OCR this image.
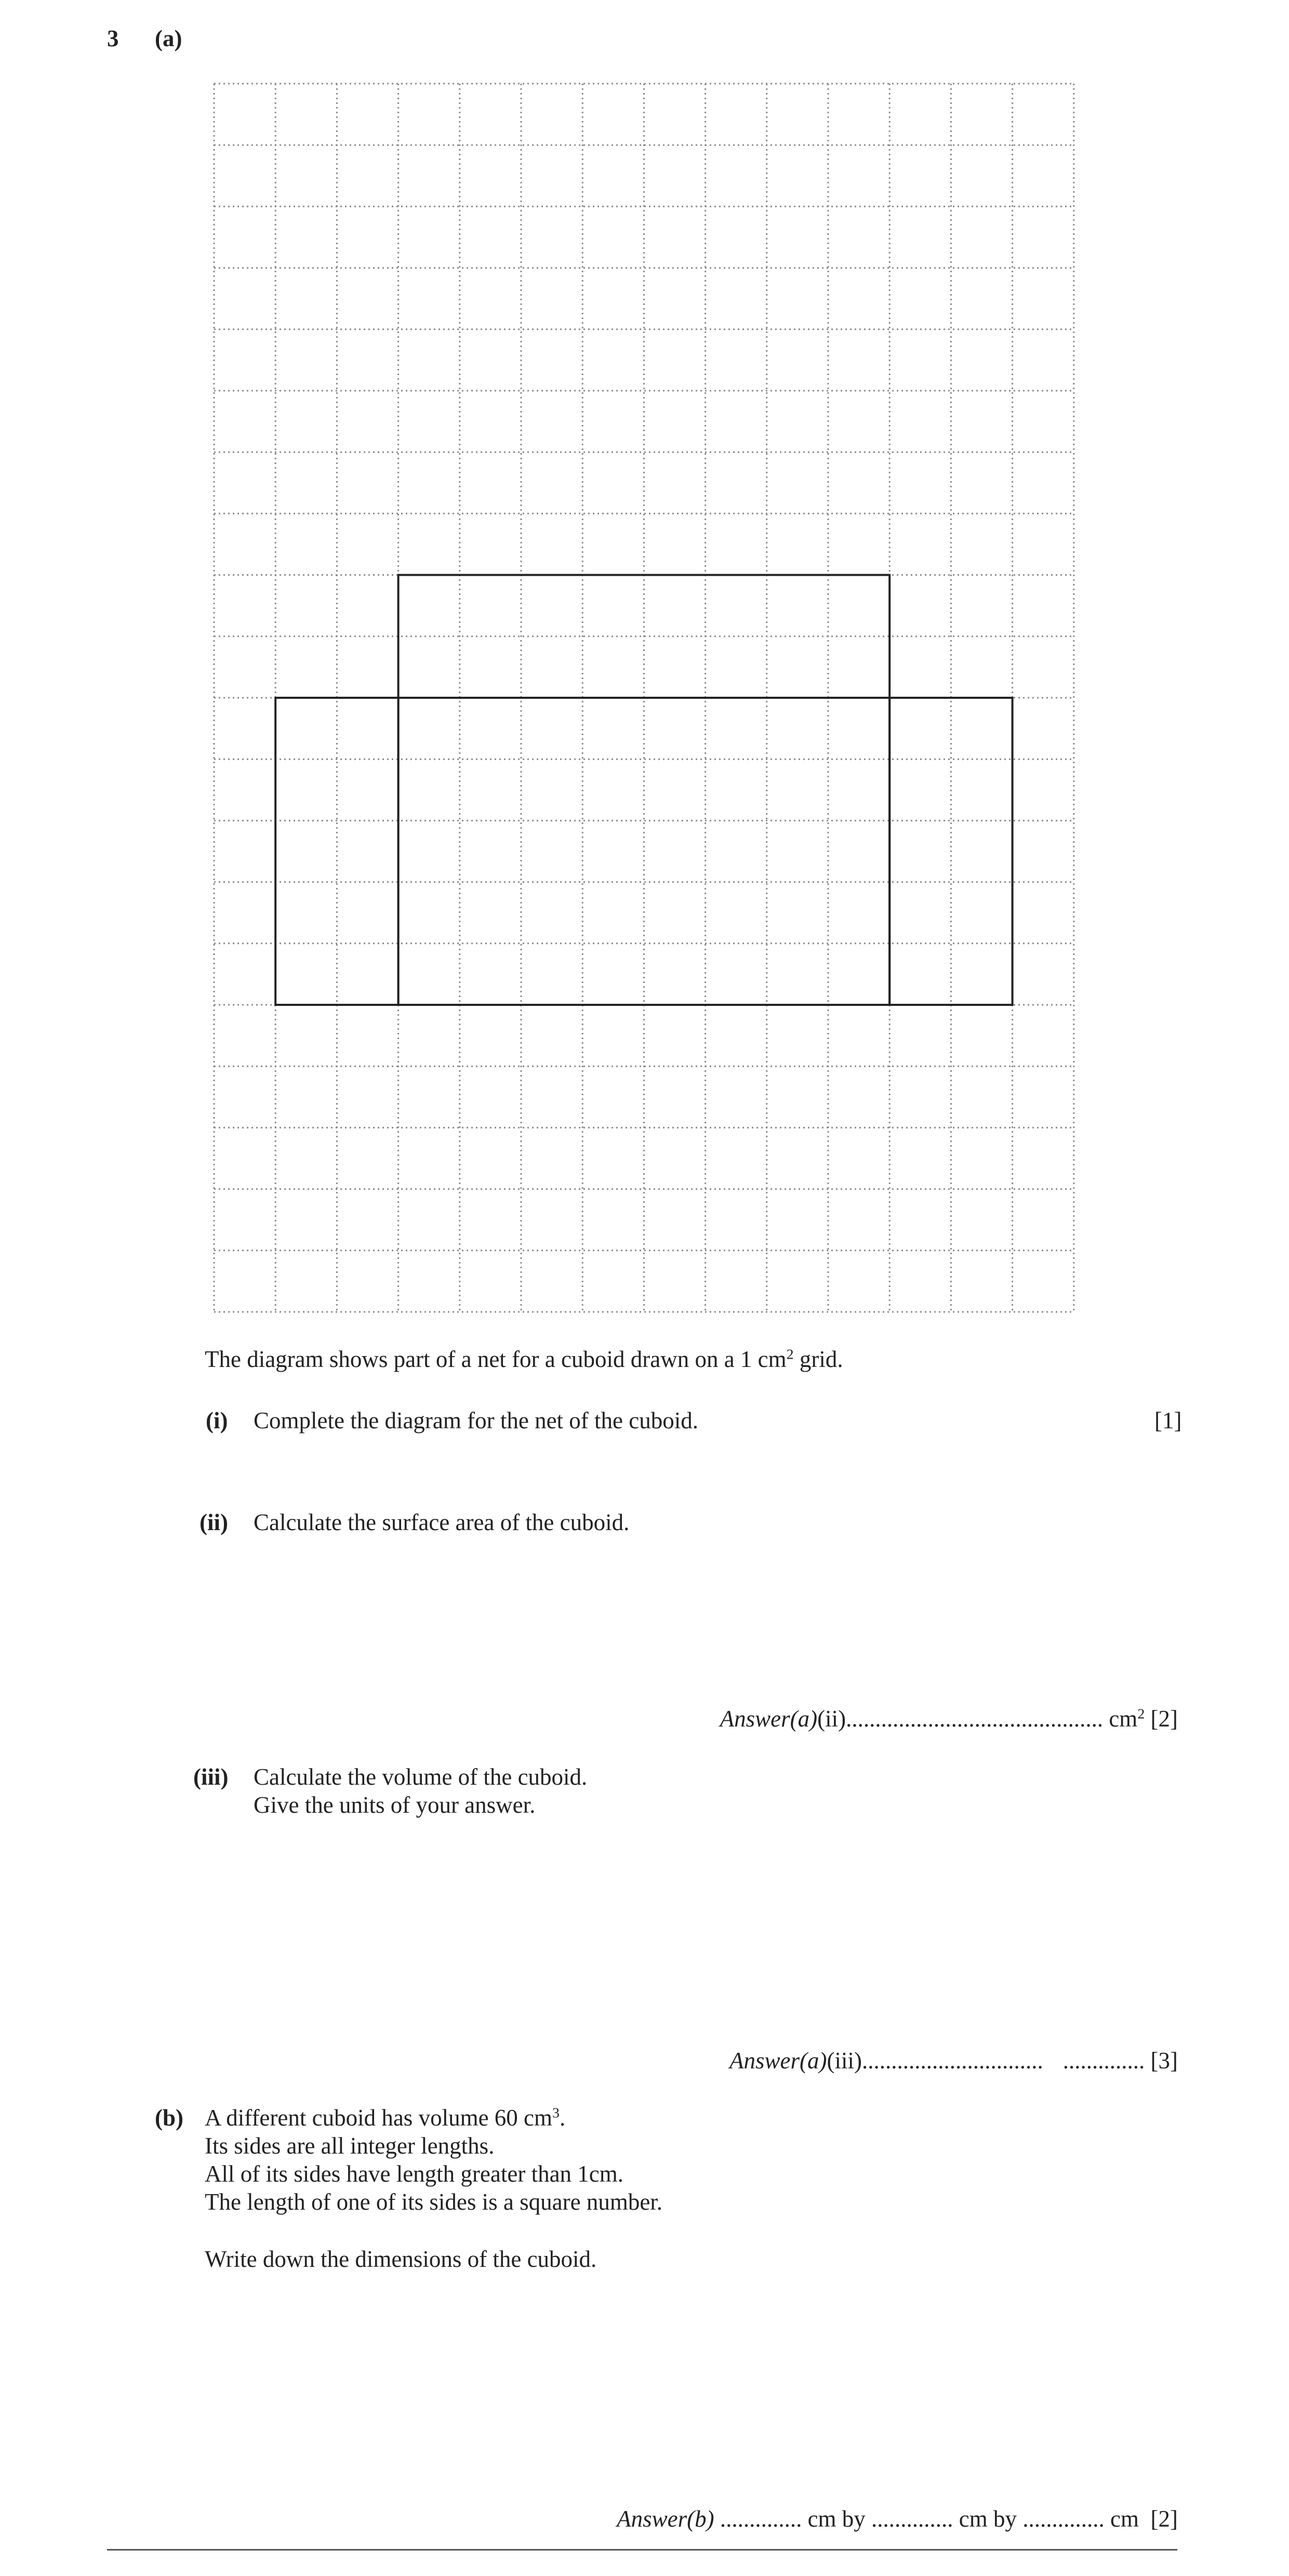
3 (a)
The diagram shows part of a net for a cuboid drawn on a 1 $cm^2$ grid.
(i) Complete the diagram for the net of the cuboid.	[1]
(ii) Calculate the surface area of the cuboid.
Answer(a)(ii)............................................ $cm^2$ [2]
(iii) Calculate the volume of the cuboid.
Give the units of your answer.
Answer(a)(iii)............................... .............. [3]
(b) A different cuboid has volume 60 $cm^3$.
Its sides are all integer lengths.
All of its sides have length greater than 1cm.
The length of one of its sides is a square number.
Write down the dimensions of the cuboid.
Answer(b) .............. cm by .............. cm by .............. cm  [2]
